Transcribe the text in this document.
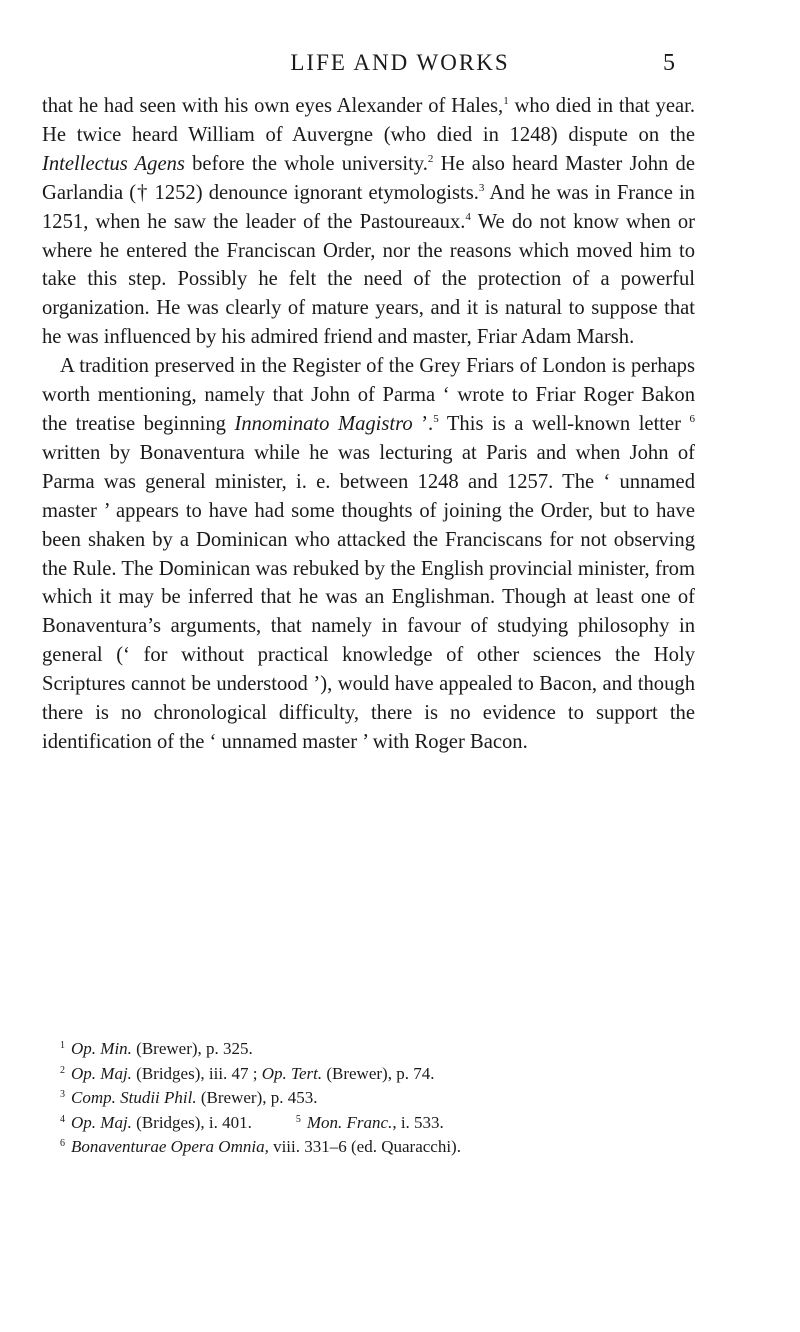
LIFE AND WORKS	5

that he had seen with his own eyes Alexander of Hales,$^1$ who died in that year. He twice heard William of Auvergne (who died in 1248) dispute on the Intellectus Agens before the whole university.$^2$ He also heard Master John de Garlandia († 1252) denounce ignorant etymologists.$^3$ And he was in France in 1251, when he saw the leader of the Pastoureaux.$^4$ We do not know when or where he entered the Franciscan Order, nor the reasons which moved him to take this step. Possibly he felt the need of the protection of a powerful organization. He was clearly of mature years, and it is natural to suppose that he was influenced by his admired friend and master, Friar Adam Marsh.

A tradition preserved in the Register of the Grey Friars of London is perhaps worth mentioning, namely that John of Parma ‘ wrote to Friar Roger Bakon the treatise beginning Innominato Magistro ’.$^5$ This is a well-known letter $^6$ written by Bonaventura while he was lecturing at Paris and when John of Parma was general minister, i. e. between 1248 and 1257. The ‘ unnamed master ’ appears to have had some thoughts of joining the Order, but to have been shaken by a Dominican who attacked the Franciscans for not observing the Rule. The Dominican was rebuked by the English provincial minister, from which it may be inferred that he was an Englishman. Though at least one of Bonaventura’s arguments, that namely in favour of studying philosophy in general (‘ for without practical knowledge of other sciences the Holy Scriptures cannot be understood ’), would have appealed to Bacon, and though there is no chronological difficulty, there is no evidence to support the identification of the ‘ unnamed master ’ with Roger Bacon.

$^1$ Op. Min. (Brewer), p. 325.

$^2$ Op. Maj. (Bridges), iii. 47 ; Op. Tert. (Brewer), p. 74.

$^3$ Comp. Studii Phil. (Brewer), p. 453.

$^4$ Op. Maj. (Bridges), i. 401.	$^5$ Mon. Franc., i. 533.

$^6$ Bonaventurae Opera Omnia, viii. 331–6 (ed. Quaracchi).
